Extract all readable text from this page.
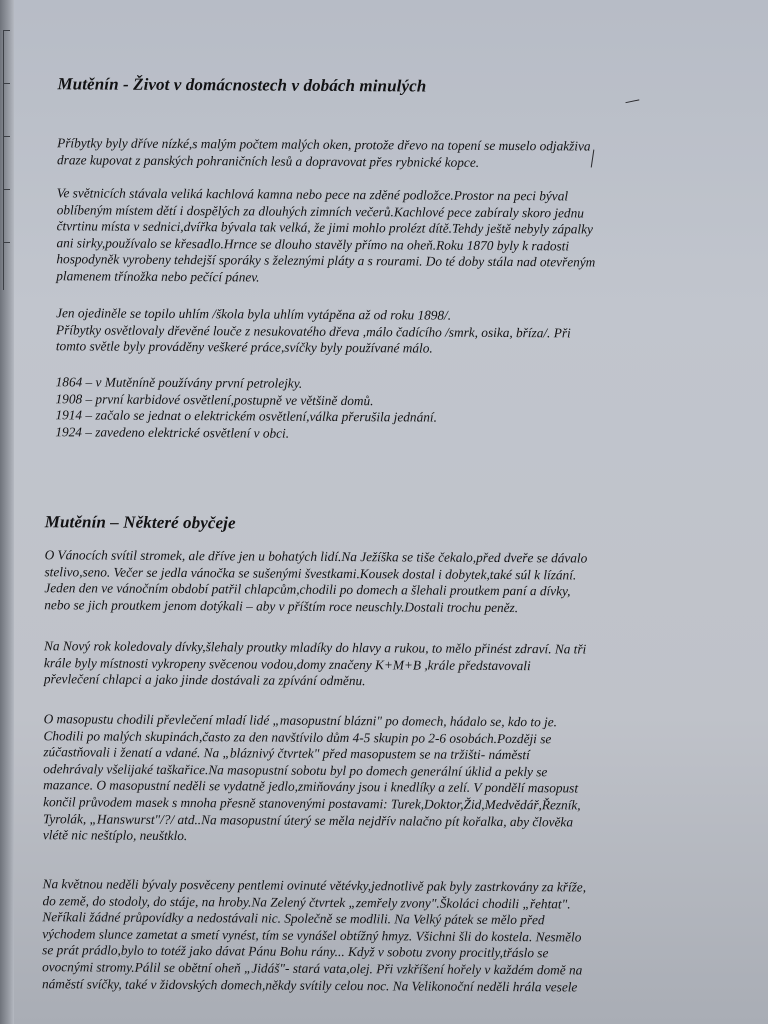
Mutěnín - Život v domácnostech v dobách minulých
Příbytky byly dříve nízké,s malým počtem malých oken, protože dřevo na topení se muselo odjakživa
draze kupovat z panských pohraničních lesů a dopravovat přes rybnické kopce.
Ve světnicích stávala veliká kachlová kamna nebo pece na zděné podložce.Prostor na peci býval
oblíbeným místem dětí i dospělých za dlouhých zimních večerů.Kachlové pece zabíraly skoro jednu
čtvrtinu místa v sednici,dvířka bývala tak velká, že jimi mohlo prolézt dítě.Tehdy ještě nebyly zápalky
ani sirky,používalo se křesadlo.Hrnce se dlouho stavěly přímo na oheň.Roku 1870 byly k radosti
hospodyněk vyrobeny tehdejší sporáky s železnými pláty a s rourami. Do té doby stála nad otevřeným
plamenem třínožka nebo pečící pánev.
Jen ojediněle se topilo uhlím /škola byla uhlím vytápěna až od roku 1898/.
Příbytky osvětlovaly dřevěné louče z nesukovatého dřeva ,málo čadícího /smrk, osika, bříza/. Při
tomto světle byly prováděny veškeré práce,svíčky byly používané málo.
1864 – v Mutěníně používány první petrolejky.
1908 – první karbidové osvětlení,postupně ve většině domů.
1914 – začalo se jednat o elektrickém osvětlení,válka přerušila jednání.
1924 – zavedeno elektrické osvětlení v obci.
Mutěnín – Některé obyčeje
O Vánocích svítil stromek, ale dříve jen u bohatých lidí.Na Ježíška se tiše čekalo,před dveře se dávalo
stelivo,seno. Večer se jedla vánočka se sušenými švestkami.Kousek dostal i dobytek,také súl k lízání.
Jeden den ve vánočním období patřil chlapcům,chodili po domech a šlehali proutkem paní a dívky,
nebo se jich proutkem jenom dotýkali – aby v příštím roce neuschly.Dostali trochu peněz.
Na Nový rok koledovaly dívky,šlehaly proutky mladíky do hlavy a rukou, to mělo přinést zdraví. Na tři
krále byly místnosti vykropeny svěcenou vodou,domy značeny K+M+B ,krále představovali
převlečení chlapci a jako jinde dostávali za zpívání odměnu.
O masopustu chodili převlečení mladí lidé „masopustní blázni" po domech, hádalo se, kdo to je.
Chodili po malých skupinách,často za den navštívilo dům 4-5 skupin po 2-6 osobách.Později se
zúčastňovali i ženatí a vdané. Na „bláznivý čtvrtek" před masopustem se na tržišti- náměstí
odehrávaly všelijaké taškařice.Na masopustní sobotu byl po domech generální úklid a pekly se
mazance. O masopustní neděli se vydatně jedlo,zmiňovány jsou i knedlíky a zelí. V pondělí masopust
končil průvodem masek s mnoha přesně stanovenými postavami: Turek,Doktor,Žid,Medvědář,Řezník,
Tyrolák, „Hanswurst"/?/ atd..Na masopustní úterý se měla nejdřív nalačno pít kořalka, aby člověka
vlétě nic neštíplo, neuštklo.
Na květnou neděli bývaly posvěceny pentlemi ovinuté větévky,jednotlivě pak byly zastrkovány za kříže,
do země, do stodoly, do stáje, na hroby.Na Zelený čtvrtek „zemřely zvony".Školáci chodili „řehtat".
Neříkali žádné průpovídky a nedostávali nic. Společně se modlili. Na Velký pátek se mělo před
východem slunce zametat a smetí vynést, tím se vynášel obtížný hmyz. Všichni šli do kostela. Nesmělo
se prát prádlo,bylo to totéž jako dávat Pánu Bohu rány... Když v sobotu zvony procitly,třáslo se
ovocnými stromy.Pálil se obětní oheň „Jidáš"- stará vata,olej. Při vzkříšení hořely v každém domě na
náměstí svíčky, také v židovských domech,někdy svítily celou noc. Na Velikonoční neděli hrála vesele
